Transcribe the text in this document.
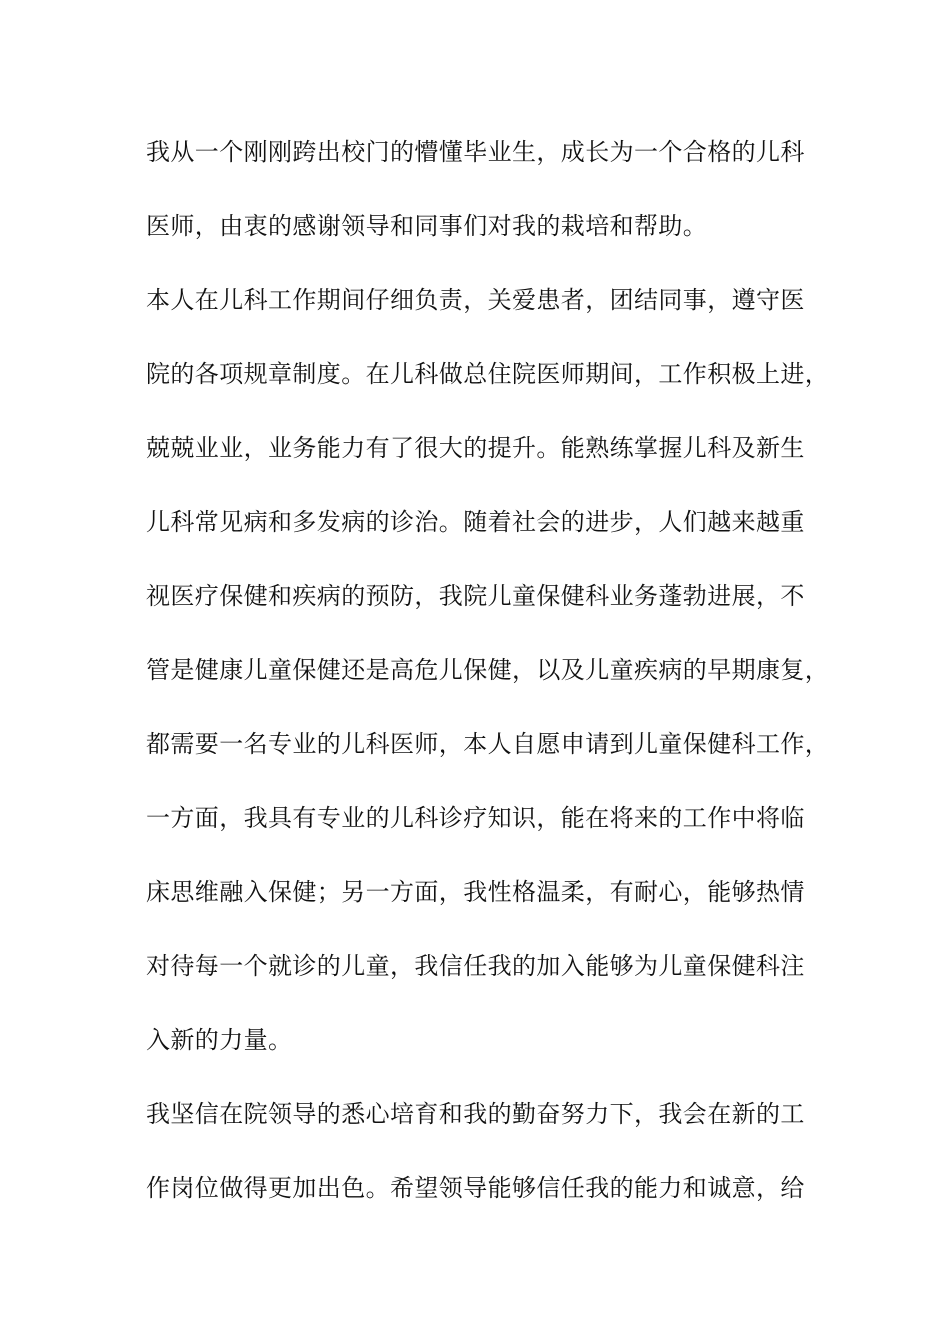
我从一个刚刚跨出校门的懵懂毕业生，成长为一个合格的儿科
医师，由衷的感谢领导和同事们对我的栽培和帮助。
本人在儿科工作期间仔细负责，关爱患者，团结同事，遵守医
院的各项规章制度。在儿科做总住院医师期间，工作积极上进，
兢兢业业，业务能力有了很大的提升。能熟练掌握儿科及新生
儿科常见病和多发病的诊治。随着社会的进步，人们越来越重
视医疗保健和疾病的预防，我院儿童保健科业务蓬勃进展，不
管是健康儿童保健还是高危儿保健，以及儿童疾病的早期康复，
都需要一名专业的儿科医师，本人自愿申请到儿童保健科工作，
一方面，我具有专业的儿科诊疗知识，能在将来的工作中将临
床思维融入保健；另一方面，我性格温柔，有耐心，能够热情
对待每一个就诊的儿童，我信任我的加入能够为儿童保健科注
入新的力量。
我坚信在院领导的悉心培育和我的勤奋努力下，我会在新的工
作岗位做得更加出色。希望领导能够信任我的能力和诚意，给
